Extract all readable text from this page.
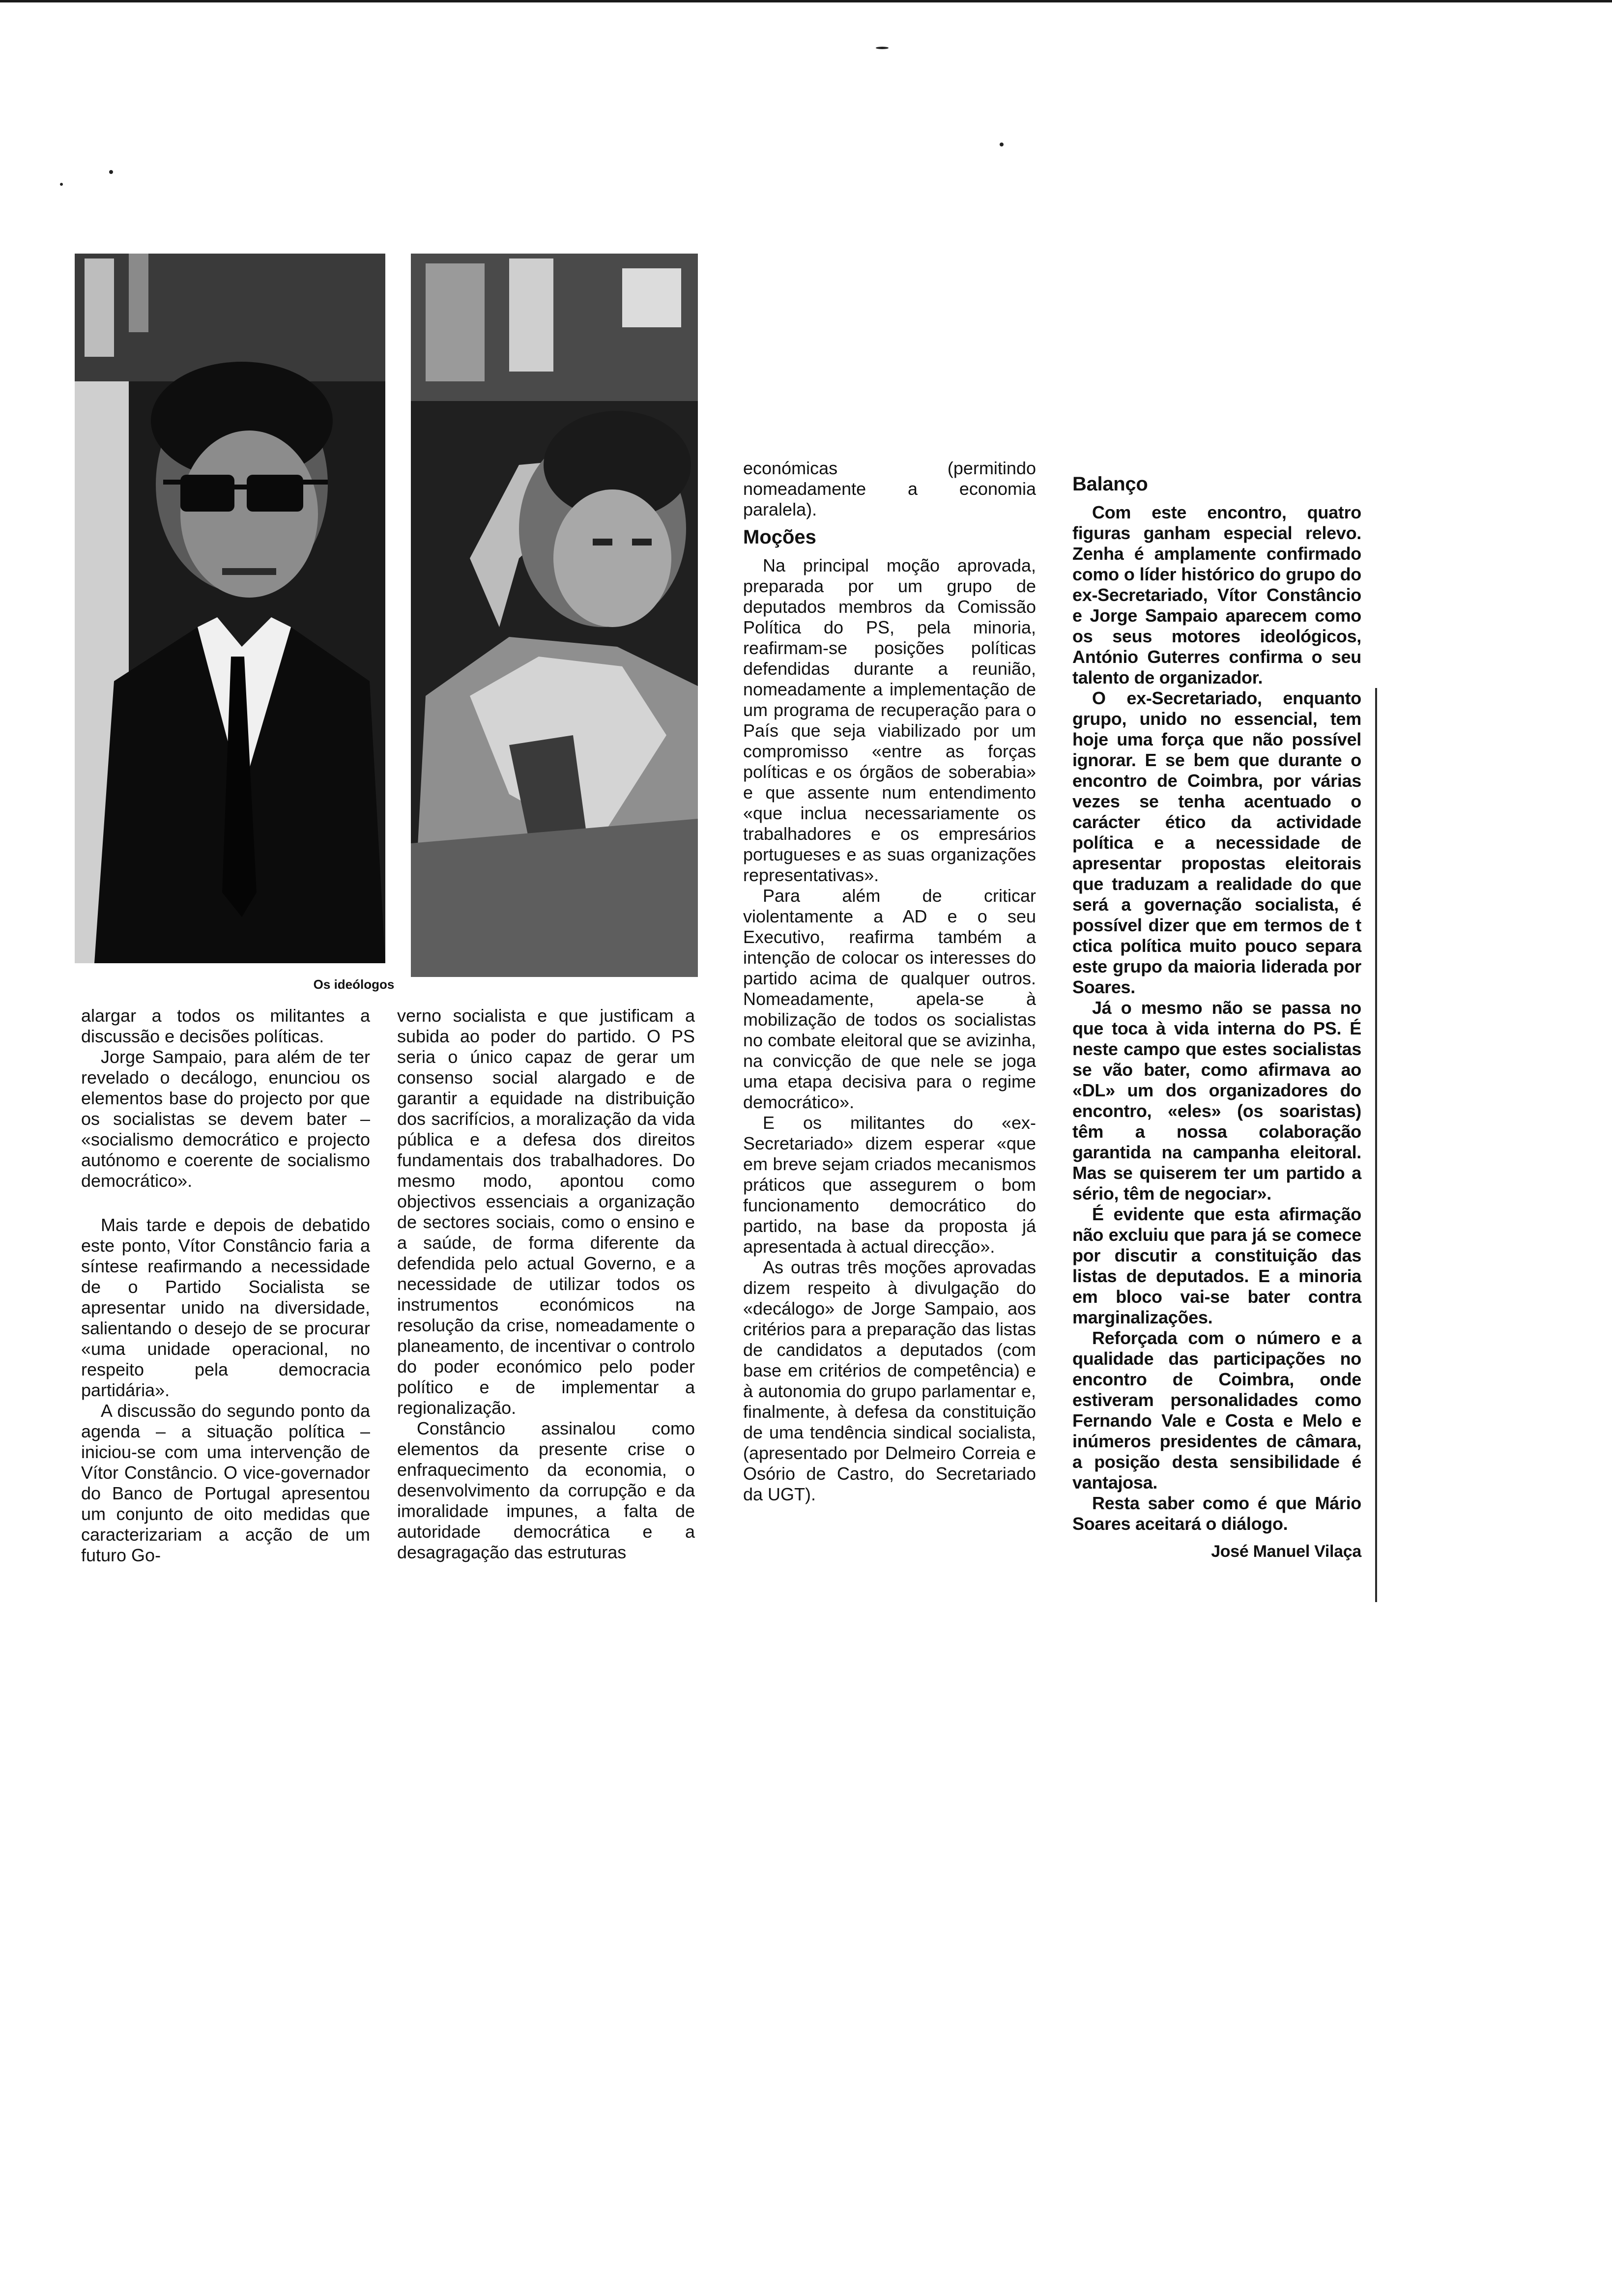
Os ideólogos

alargar a todos os militantes a discussão e decisões políticas.

Jorge Sampaio, para além de ter revelado o decálogo, enunciou os elementos base do projecto por que os socialistas se devem bater – «socialismo democrático e projecto autónomo e coerente de socialismo democrático».

Mais tarde e depois de debatido este ponto, Vítor Constâncio faria a síntese reafirmando a necessidade de o Partido Socialista se apresentar unido na diversidade, salientando o desejo de se procurar «uma unidade operacional, no respeito pela democracia partidária».

A discussão do segundo ponto da agenda – a situação política – iniciou-se com uma intervenção de Vítor Constâncio. O vice-governador do Banco de Portugal apresentou um conjunto de oito medidas que caracterizariam a acção de um futuro Go-

verno socialista e que justificam a subida ao poder do partido. O PS seria o único capaz de gerar um consenso social alargado e de garantir a equidade na distribuição dos sacrifícios, a moralização da vida pública e a defesa dos direitos fundamentais dos trabalhadores. Do mesmo modo, apontou como objectivos essenciais a organização de sectores sociais, como o ensino e a saúde, de forma diferente da defendida pelo actual Governo, e a necessidade de utilizar todos os instrumentos económicos na resolução da crise, nomeadamente o planeamento, de incentivar o controlo do poder económico pelo poder político e de implementar a regionalização.

Constâncio assinalou como elementos da presente crise o enfraquecimento da economia, o desenvolvimento da corrupção e da imoralidade impunes, a falta de autoridade democrática e a desagragação das estruturas

económicas (permitindo nomeadamente a economia paralela).

Moções

Na principal moção aprovada, preparada por um grupo de deputados membros da Comissão Política do PS, pela minoria, reafirmam-se posições políticas defendidas durante a reunião, nomeadamente a implementação de um programa de recuperação para o País que seja viabilizado por um compromisso «entre as forças políticas e os órgãos de soberabia» e que assente num entendimento «que inclua necessariamente os trabalhadores e os empresários portugueses e as suas organizações representativas».

Para além de criticar violentamente a AD e o seu Executivo, reafirma também a intenção de colocar os interesses do partido acima de qualquer outros. Nomeadamente, apela-se à mobilização de todos os socialistas no combate eleitoral que se avizinha, na convicção de que nele se joga uma etapa decisiva para o regime democrático».

E os militantes do «ex-Secretariado» dizem esperar «que em breve sejam criados mecanismos práticos que assegurem o bom funcionamento democrático do partido, na base da proposta já apresentada à actual direcção».

As outras três moções aprovadas dizem respeito à divulgação do «decálogo» de Jorge Sampaio, aos critérios para a preparação das listas de candidatos a deputados (com base em critérios de competência) e à autonomia do grupo parlamentar e, finalmente, à defesa da constituição de uma tendência sindical socialista, (apresentado por Delmeiro Correia e Osório de Castro, do Secretariado da UGT).

Balanço

Com este encontro, quatro figuras ganham especial relevo. Zenha é amplamente confirmado como o líder histórico do grupo do ex-Secretariado, Vítor Constâncio e Jorge Sampaio aparecem como os seus motores ideológicos, António Guterres confirma o seu talento de organizador.

O ex-Secretariado, enquanto grupo, unido no essencial, tem hoje uma força que não possível ignorar. E se bem que durante o encontro de Coimbra, por várias vezes se tenha acentuado o carácter ético da actividade política e a necessidade de apresentar propostas eleitorais que traduzam a realidade do que será a governação socialista, é possível dizer que em termos de t ctica política muito pouco separa este grupo da maioria liderada por Soares.

Já o mesmo não se passa no que toca à vida interna do PS. É neste campo que estes socialistas se vão bater, como afirmava ao «DL» um dos organizadores do encontro, «eles» (os soaristas) têm a nossa colaboração garantida na campanha eleitoral. Mas se quiserem ter um partido a sério, têm de negociar».

É evidente que esta afirmação não excluiu que para já se comece por discutir a constituição das listas de deputados. E a minoria em bloco vai-se bater contra marginalizações.

Reforçada com o número e a qualidade das participações no encontro de Coimbra, onde estiveram personalidades como Fernando Vale e Costa e Melo e inúmeros presidentes de câmara, a posição desta sensibilidade é vantajosa.

Resta saber como é que Mário Soares aceitará o diálogo.

José Manuel Vilaça
